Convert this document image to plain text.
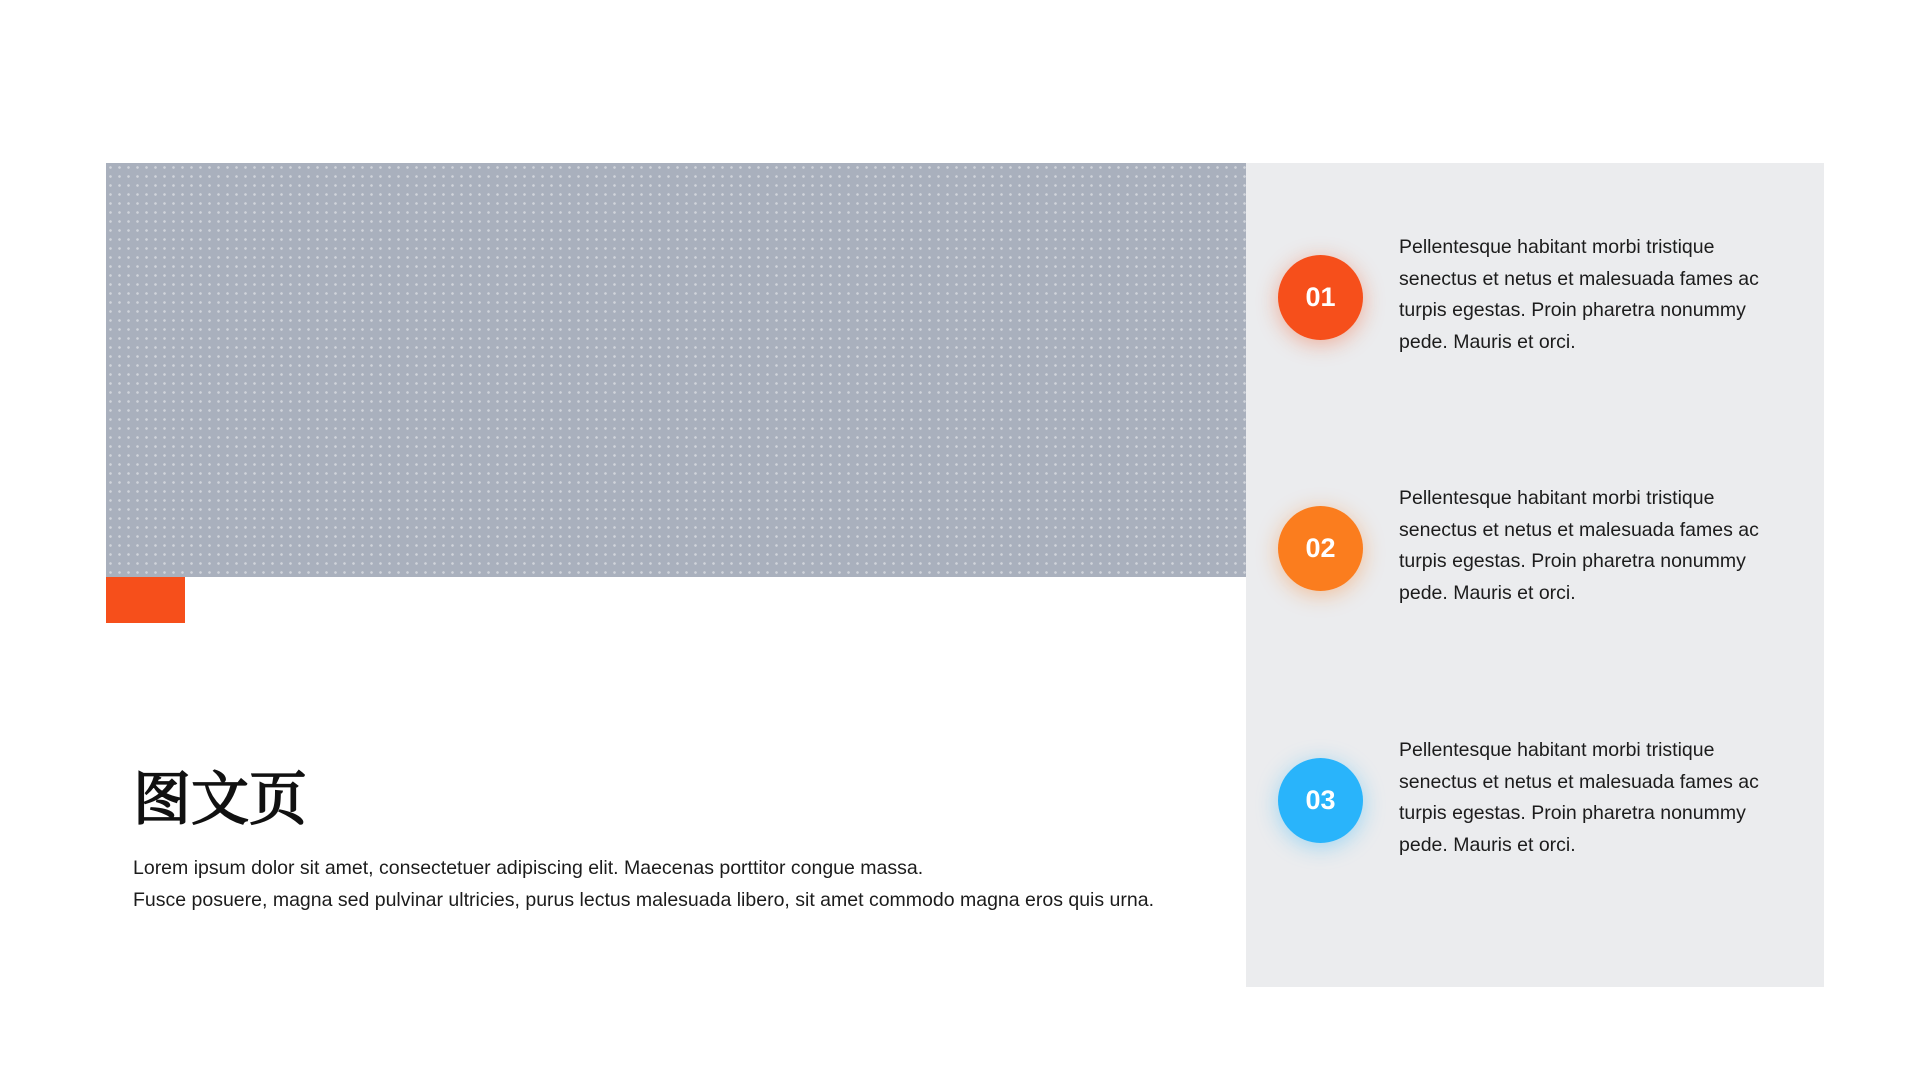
图文页

Lorem ipsum dolor sit amet, consectetuer adipiscing elit. Maecenas porttitor congue massa.
Fusce posuere, magna sed pulvinar ultricies, purus lectus malesuada libero, sit amet commodo magna eros quis urna.

01

Pellentesque habitant morbi tristique senectus et netus et malesuada fames ac turpis egestas. Proin pharetra nonummy pede. Mauris et orci.

02

Pellentesque habitant morbi tristique senectus et netus et malesuada fames ac turpis egestas. Proin pharetra nonummy pede. Mauris et orci.

03

Pellentesque habitant morbi tristique senectus et netus et malesuada fames ac turpis egestas. Proin pharetra nonummy pede. Mauris et orci.
